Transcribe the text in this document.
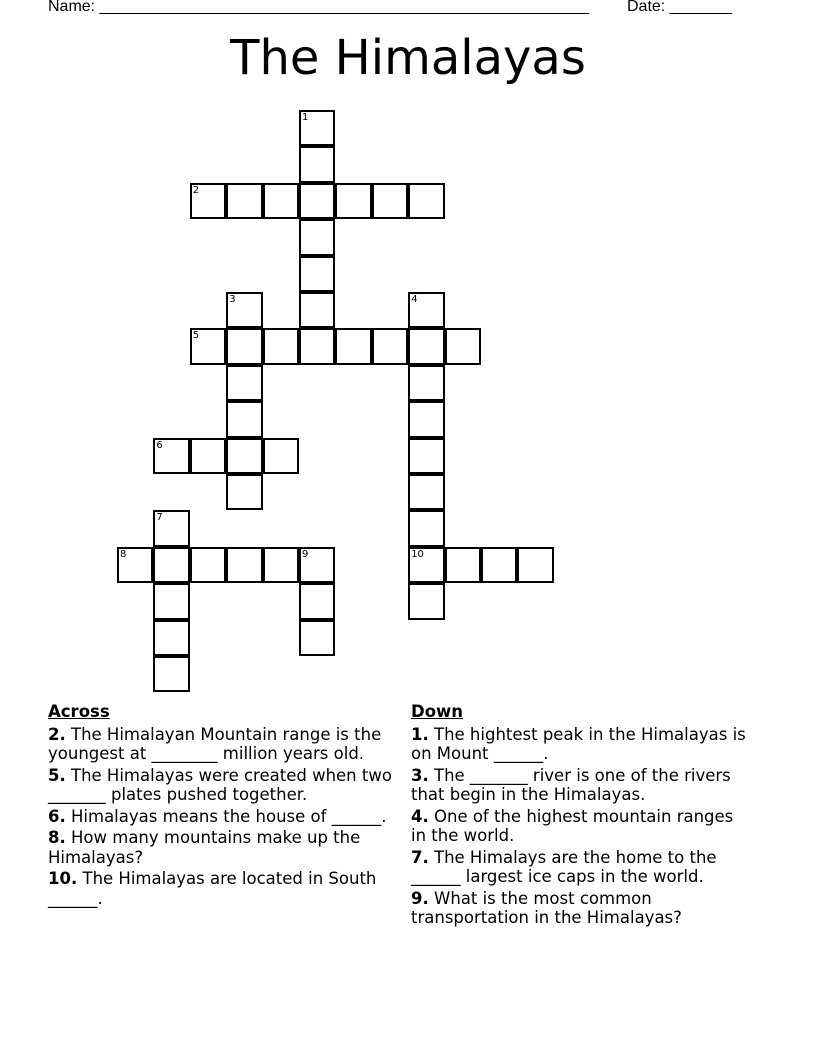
Name: _______________________________________________________ Date: _______
The Himalayas
1
2
3	4
10
5
6
7
8	9
Across
2. The Himalayan Mountain range is the youngest at ________ million years old.
5. The Himalayas were created when two _______ plates pushed together.
6. Himalayas means the house of ______.
8. How many mountains make up the Himalayas?
10. The Himalayas are located in South ______.
Down
1. The hightest peak in the Himalayas is on Mount ______.
3. The _______ river is one of the rivers that begin in the Himalayas.
4. One of the highest mountain ranges in the world.
7. The Himalays are the home to the ______ largest ice caps in the world.
9. What is the most common transportation in the Himalayas?
